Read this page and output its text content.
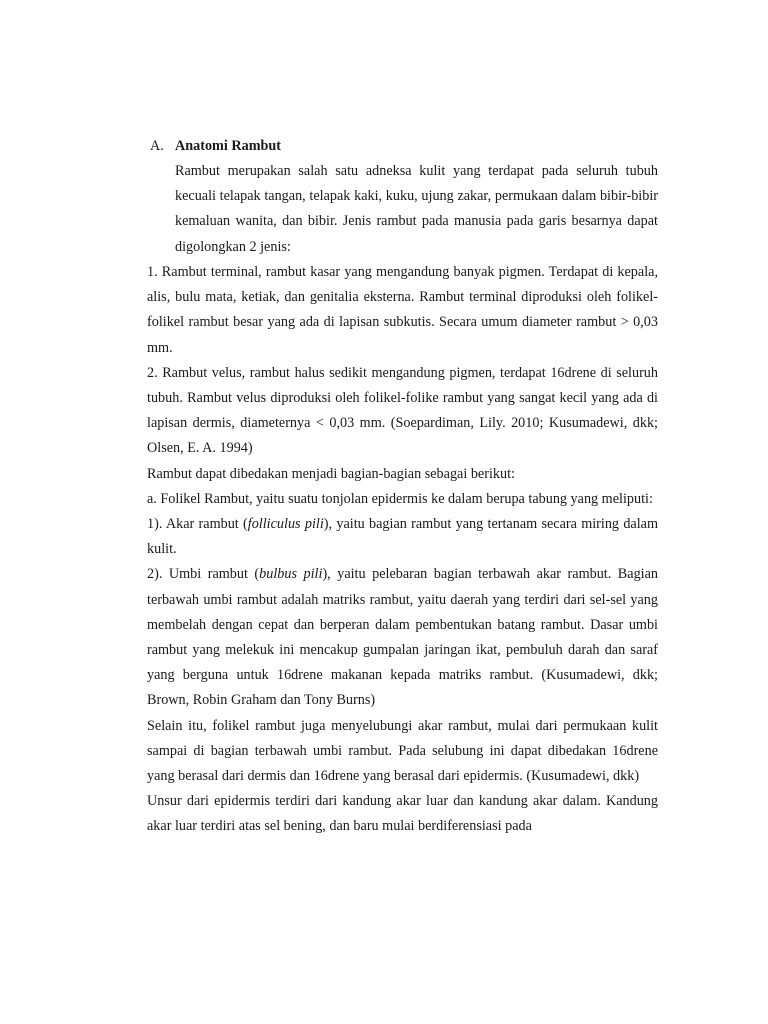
A. Anatomi Rambut

Rambut merupakan salah satu adneksa kulit yang terdapat pada seluruh tubuh kecuali telapak tangan, telapak kaki, kuku, ujung zakar, permukaan dalam bibir-bibir kemaluan wanita, dan bibir. Jenis rambut pada manusia pada garis besarnya dapat digolongkan 2 jenis:

1. Rambut terminal, rambut kasar yang mengandung banyak pigmen. Terdapat di kepala, alis, bulu mata, ketiak, dan genitalia eksterna. Rambut terminal diproduksi oleh folikel-folikel rambut besar yang ada di lapisan subkutis. Secara umum diameter rambut > 0,03 mm.

2. Rambut velus, rambut halus sedikit mengandung pigmen, terdapat 16drene di seluruh tubuh. Rambut velus diproduksi oleh folikel-folike rambut yang sangat kecil yang ada di lapisan dermis, diameternya < 0,03 mm. (Soepardiman, Lily. 2010; Kusumadewi, dkk; Olsen, E. A. 1994)

Rambut dapat dibedakan menjadi bagian-bagian sebagai berikut:

a. Folikel Rambut, yaitu suatu tonjolan epidermis ke dalam berupa tabung yang meliputi:

1). Akar rambut (folliculus pili), yaitu bagian rambut yang tertanam secara miring dalam kulit.

2). Umbi rambut (bulbus pili), yaitu pelebaran bagian terbawah akar rambut. Bagian terbawah umbi rambut adalah matriks rambut, yaitu daerah yang terdiri dari sel-sel yang membelah dengan cepat dan berperan dalam pembentukan batang rambut. Dasar umbi rambut yang melekuk ini mencakup gumpalan jaringan ikat, pembuluh darah dan saraf yang berguna untuk 16drene makanan kepada matriks rambut. (Kusumadewi, dkk; Brown, Robin Graham dan Tony Burns)

Selain itu, folikel rambut juga menyelubungi akar rambut, mulai dari permukaan kulit sampai di bagian terbawah umbi rambut. Pada selubung ini dapat dibedakan 16drene yang berasal dari dermis dan 16drene yang berasal dari epidermis. (Kusumadewi, dkk)

Unsur dari epidermis terdiri dari kandung akar luar dan kandung akar dalam. Kandung akar luar terdiri atas sel bening, dan baru mulai berdiferensiasi pada
